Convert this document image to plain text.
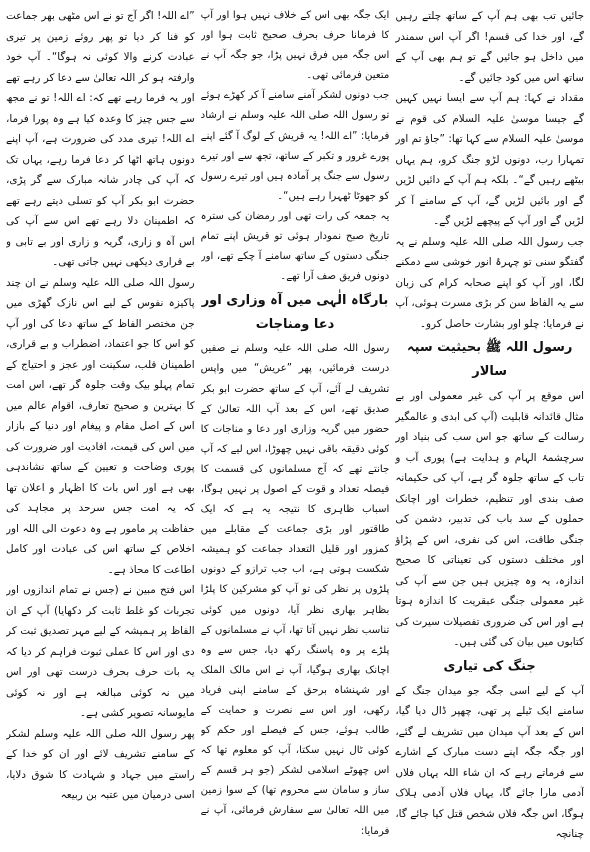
جائیں تب بھی ہم آپ کے ساتھ چلتے رہیں گے، اور خدا کی قسم! اگر آپ اس سمندر میں داخل ہو جائیں گے تو ہم بھی آپ کے ساتھ اس میں کود جائیں گے۔

مقداد نے کہا: ہم آپ سے ایسا نہیں کہیں گے جیسا موسیٰ علیہ السلام کی قوم نے موسیٰ علیہ السلام سے کہا تھا: ”جاؤ تم اور تمہارا رب، دونوں لڑو جنگ کرو، ہم یہاں بیٹھے رہیں گے“۔ بلکہ ہم آپ کے دائیں لڑیں گے اور بائیں لڑیں گے، آپ کے سامنے آ کر لڑیں گے اور آپ کے پیچھے لڑیں گے۔

جب رسول اللہ صلی اللہ علیہ وسلم نے یہ گفتگو سنی تو چہرۂ انور خوشی سے دمکنے لگا، اور آپ کو اپنے صحابہ کرام کی زبان سے یہ الفاظ سن کر بڑی مسرت ہوئی، آپ نے فرمایا: چلو اور بشارت حاصل کرو۔

رسول اللہ ﷺ بحیثیت سپہ سالار

اس موقع پر آپ کی غیر معمولی اور بے مثال قائدانہ قابلیت (آپ کی ابدی و عالمگیر رسالت کے ساتھ جو اس سب کی بنیاد اور سرچشمۂ الہام و ہدایت ہے) پوری آب و تاب کے ساتھ جلوہ گر ہے، آپ کی حکیمانہ صف بندی اور تنظیم، خطرات اور اچانک حملوں کے سد باب کی تدبیر، دشمن کی جنگی طاقت، اس کی نفری، اس کے پڑاؤ اور مختلف دستوں کی تعیناتی کا صحیح اندازہ، یہ وہ چیزیں ہیں جن سے آپ کی غیر معمولی جنگی عبقریت کا اندازہ ہوتا ہے اور اس کی ضروری تفصیلات سیرت کی کتابوں میں بیان کی گئی ہیں۔

جنگ کی تیاری

آپ کے لیے اسی جگہ جو میدان جنگ کے سامنے ایک ٹیلے پر تھی، چھپر ڈال دیا گیا، اس کے بعد آپ میدان میں تشریف لے گئے، اور جگہ جگہ اپنے دست مبارک کے اشارے سے فرماتے رہے کہ ان شاء اللہ یہاں فلاں آدمی مارا جائے گا، یہاں فلاں آدمی ہلاک ہوگا، اس جگہ فلاں شخص قتل کیا جائے گا، چنانچہ

ایک جگہ بھی اس کے خلاف نہیں ہوا اور آپ کا فرمانا حرف بحرف صحیح ثابت ہوا اور اس جگہ میں فرق نہیں پڑا، جو جگہ آپ نے متعین فرمائی تھی۔

جب دونوں لشکر آمنے سامنے آ کر کھڑے ہوئے تو رسول اللہ صلی اللہ علیہ وسلم نے ارشاد فرمایا: ”اے اللہ! یہ قریش کے لوگ آ گئے اپنے پورے غرور و تکبر کے ساتھ، تجھ سے اور تیرے رسول سے جنگ پر آمادہ ہیں اور تیرے رسول کو جھوٹا ٹھہرا رہے ہیں“۔

یہ جمعہ کی رات تھی اور رمضان کی سترہ تاریخ صبح نمودار ہوئی تو قریش اپنے تمام جنگی دستوں کے ساتھ سامنے آ چکے تھے، اور دونوں فریق صف آرا تھے۔

بارگاہ الٰہی میں آہ وزاری اور دعا ومناجات

رسول اللہ صلی اللہ علیہ وسلم نے صفیں درست فرمائیں، پھر ”عریش“ میں واپس تشریف لے آئے، آپ کے ساتھ حضرت ابو بکر صدیق تھے، اس کے بعد آپ اللہ تعالیٰ کے حضور میں گریہ وزاری اور دعا و مناجات کا کوئی دقیقہ باقی نہیں چھوڑا، اس لیے کہ آپ جانتے تھے کہ آج مسلمانوں کی قسمت کا فیصلہ تعداد و قوت کے اصول پر نہیں ہوگا، اسباب ظاہری کا نتیجہ یہ ہے کہ ایک طاقتور اور بڑی جماعت کے مقابلے میں کمزور اور قلیل التعداد جماعت کو ہمیشہ شکست ہوتی ہے، اب جب ترازو کے دونوں پلڑوں پر نظر کی تو آپ کو مشرکین کا پلڑا بظاہر بھاری نظر آیا، دونوں میں کوئی تناسب نظر نہیں آتا تھا، آپ نے مسلمانوں کے پلڑے پر وہ پاسنگ رکھ دیا، جس سے وہ اچانک بھاری ہوگیا، آپ نے اس مالک الملک اور شہنشاہ برحق کے سامنے اپنی فریاد رکھی، اور اس سے نصرت و حمایت کے طالب ہوئے، جس کے فیصلے اور حکم کو کوئی ٹال نہیں سکتا، آپ کو معلوم تھا کہ اس چھوٹے اسلامی لشکر (جو ہر قسم کے ساز و سامان سے محروم تھا) کے سوا زمین میں اللہ تعالیٰ سے سفارش فرمائی، آپ نے فرمایا:

”اے اللہ! اگر آج تو نے اس مٹھی بھر جماعت کو فنا کر دیا تو پھر روئے زمین پر تیری عبادت کرنے والا کوئی نہ ہوگا“۔ آپ خود وارفتہ ہو کر اللہ تعالیٰ سے دعا کر رہے تھے اور یہ فرما رہے تھے کہ: اے اللہ! تو نے مجھ سے جس چیز کا وعدہ کیا ہے وہ پورا فرما، اے اللہ! تیری مدد کی ضرورت ہے، آپ اپنے دونوں ہاتھ اٹھا کر دعا فرما رہے، یہاں تک کہ آپ کی چادر شانہ مبارک سے گر پڑی، حضرت ابو بکر آپ کو تسلی دیتے رہے تھے کہ اطمینان دلا رہے تھے اس سے آپ کی اس آہ و زاری، گریہ و زاری اور بے تابی و بے قراری دیکھی نہیں جاتی تھی۔

رسول اللہ صلی اللہ علیہ وسلم نے ان چند پاکیزہ نفوس کے لیے اس نازک گھڑی میں جن مختصر الفاظ کے ساتھ دعا کی اور آپ کو اس کا جو اعتماد، اضطراب و بے قراری، اطمینان قلب، سکینت اور عجز و احتیاج کے تمام پہلو بیک وقت جلوہ گر تھے، اس امت کا بہترین و صحیح تعارف، اقوام عالم میں اس کے اصل مقام و پیغام اور دنیا کے بازار میں اس کی قیمت، افادیت اور ضرورت کی پوری وضاحت و تعیین کے ساتھ نشاندہی بھی ہے اور اس بات کا اظہار و اعلان تھا کہ یہ امت جس سرحد پر مجاہد کی حفاظت پر مامور ہے وہ دعوت الی اللہ اور اخلاص کے ساتھ اس کی عبادت اور کامل اطاعت کا محاذ ہے۔

اس فتح مبین نے (جس نے تمام اندازوں اور تجربات کو غلط ثابت کر دکھایا) آپ کے ان الفاظ پر ہمیشہ کے لیے مہر تصدیق ثبت کر دی اور اس کا عملی ثبوت فراہم کر دیا کہ یہ بات حرف بحرف درست تھی اور اس میں نہ کوئی مبالغہ ہے اور نہ کوئی مایوسانہ تصویر کشی ہے۔

پھر رسول اللہ صلی اللہ علیہ وسلم لشکر کے سامنے تشریف لائے اور ان کو خدا کے راستے میں جہاد و شہادت کا شوق دلایا، اسی درمیان میں عتبہ بن ربیعہ
